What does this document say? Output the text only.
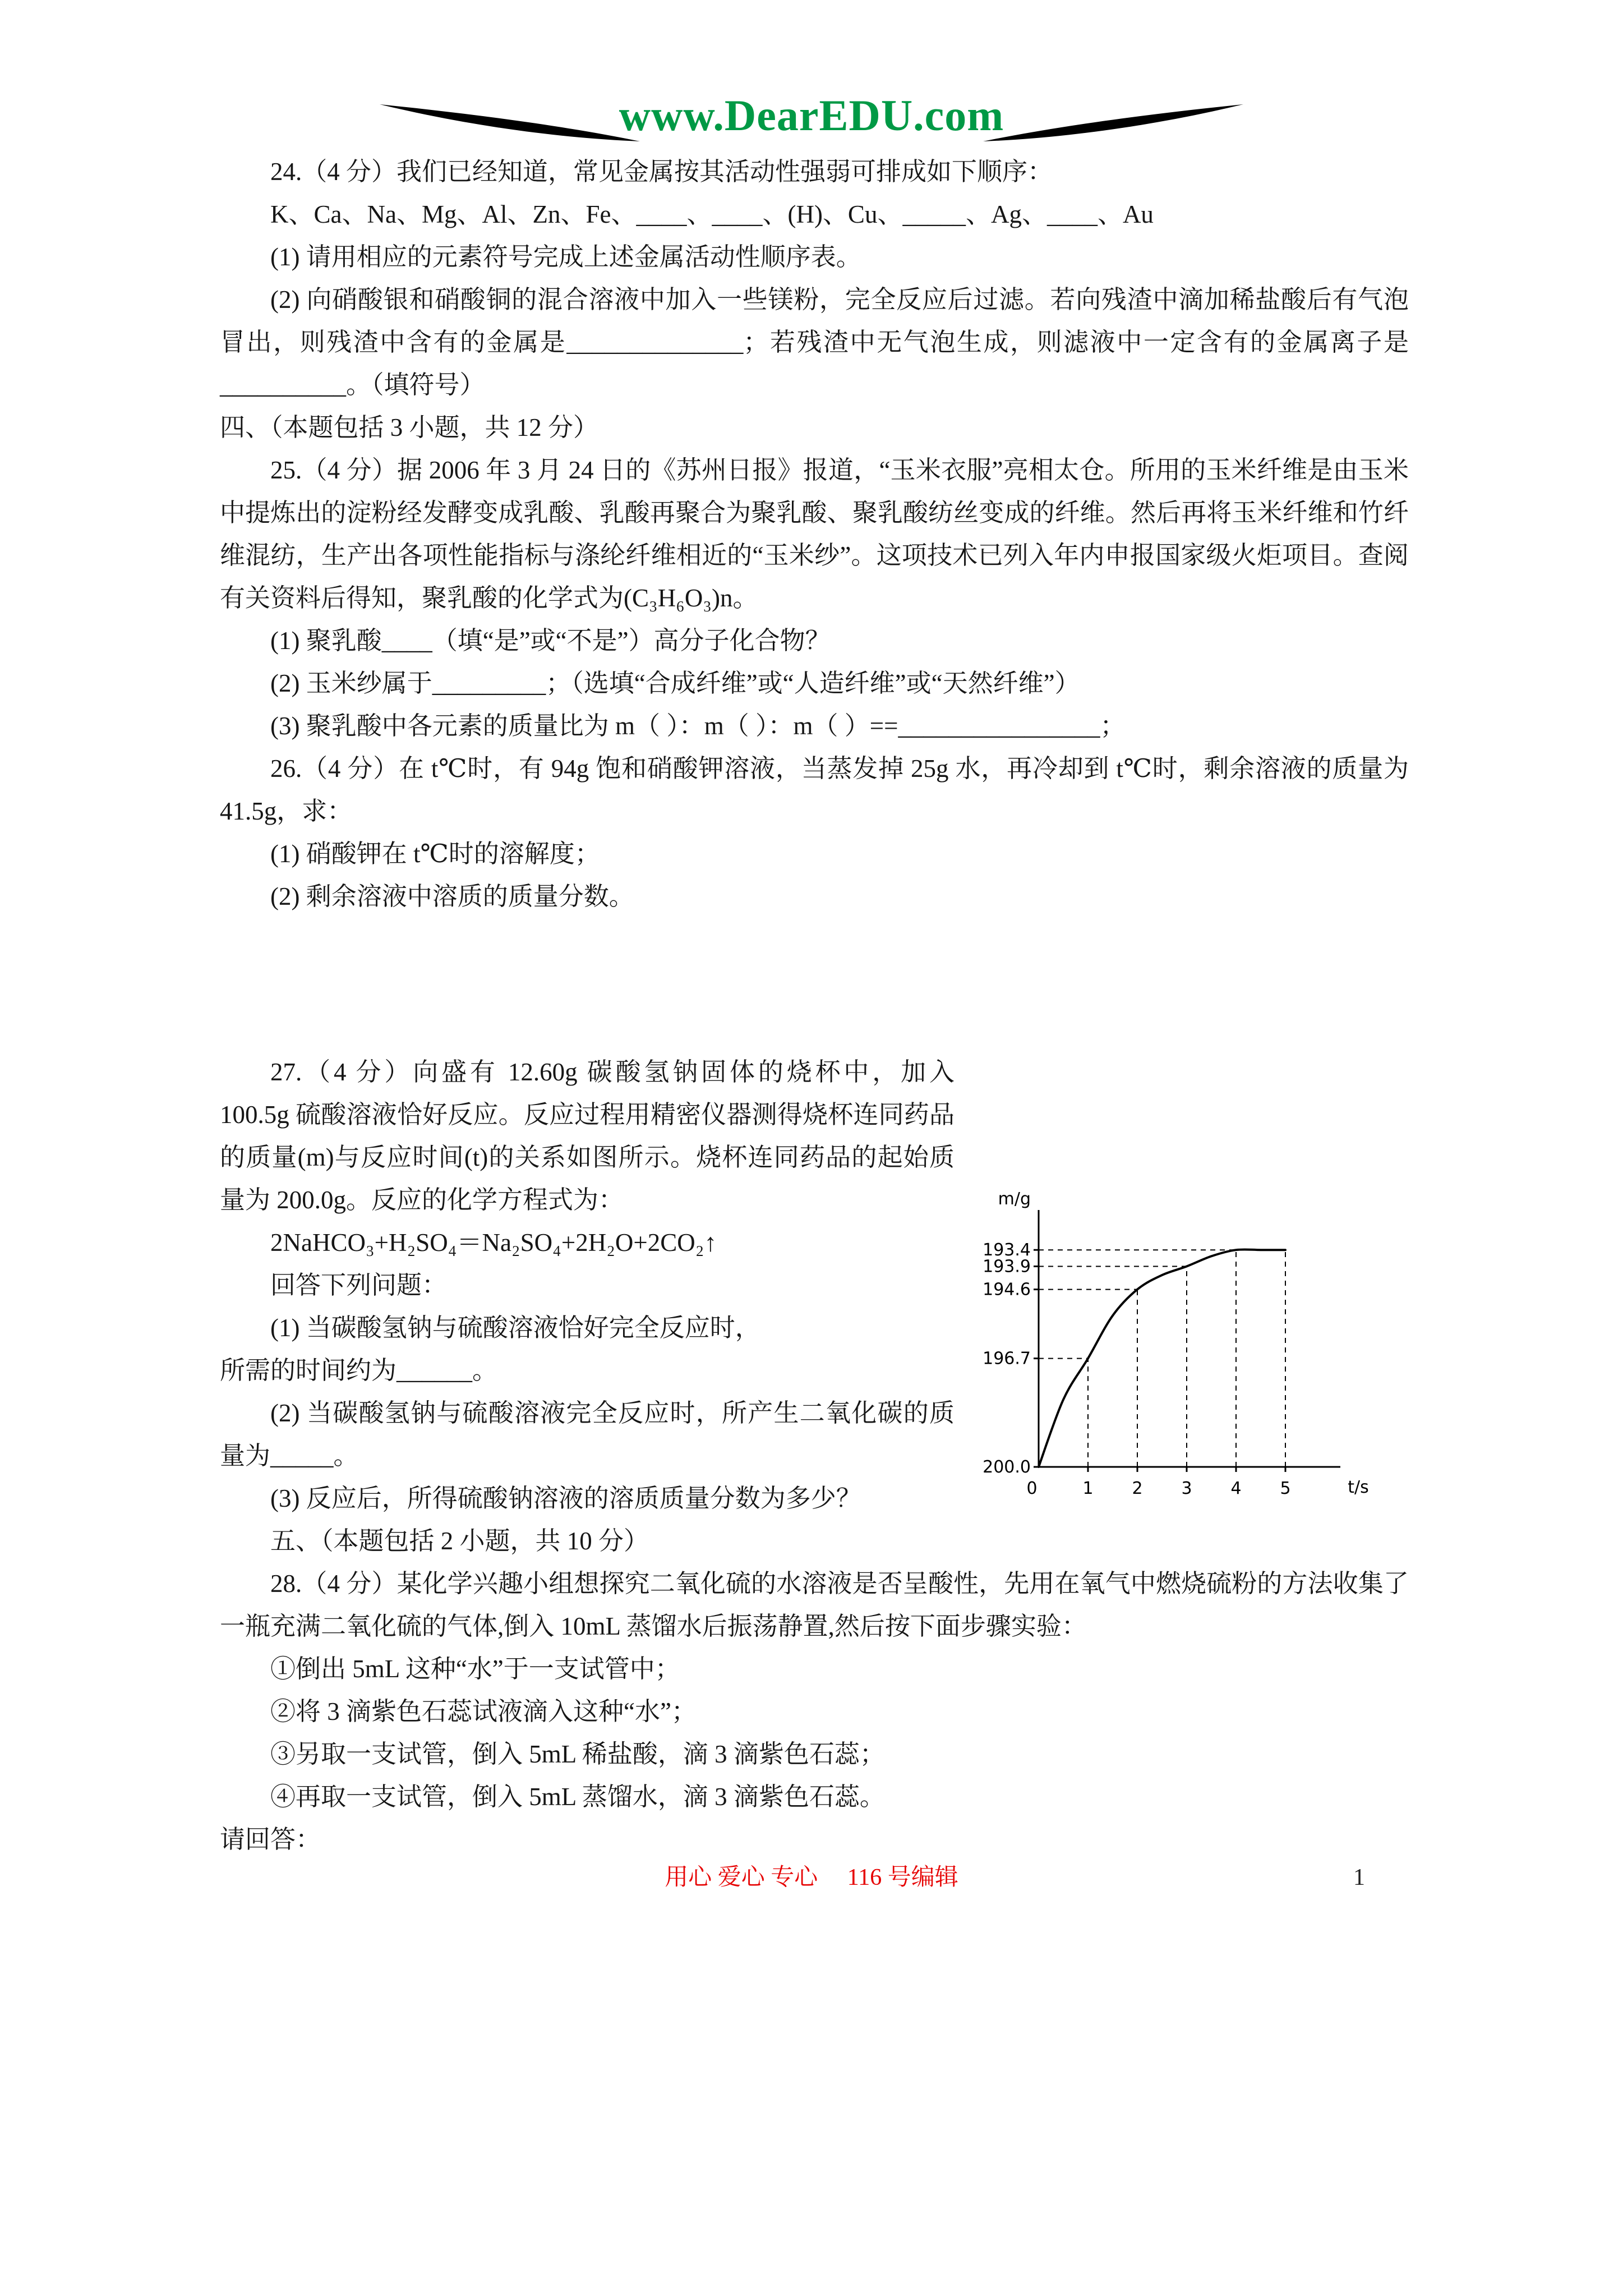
www.DearEDU.com

24.（4 分）我们已经知道，常见金属按其活动性强弱可排成如下顺序：

K、Ca、Na、Mg、Al、Zn、Fe、____、____、(H)、Cu、_____、Ag、____、Au

(1) 请用相应的元素符号完成上述金属活动性顺序表。

(2) 向硝酸银和硝酸铜的混合溶液中加入一些镁粉，完全反应后过滤。若向残渣中滴加稀盐酸后有气泡冒出，则残渣中含有的金属是______________；若残渣中无气泡生成，则滤液中一定含有的金属离子是__________。（填符号）

四、（本题包括 3 小题，共 12 分）

25.（4 分）据 2006 年 3 月 24 日的《苏州日报》报道，“玉米衣服”亮相太仓。所用的玉米纤维是由玉米中提炼出的淀粉经发酵变成乳酸、乳酸再聚合为聚乳酸、聚乳酸纺丝变成的纤维。然后再将玉米纤维和竹纤维混纺，生产出各项性能指标与涤纶纤维相近的“玉米纱”。这项技术已列入年内申报国家级火炬项目。查阅有关资料后得知，聚乳酸的化学式为(C₃H₆O₃)n。

(1) 聚乳酸____（填“是”或“不是”）高分子化合物？

(2) 玉米纱属于_________；（选填“合成纤维”或“人造纤维”或“天然纤维”）

(3) 聚乳酸中各元素的质量比为 m（ ）：m（ ）：m（ ）==________________；

26.（4 分）在 t℃时，有 94g 饱和硝酸钾溶液，当蒸发掉 25g 水，再冷却到 t℃时，剩余溶液的质量为 41.5g，求：

(1) 硝酸钾在 t℃时的溶解度；

(2) 剩余溶液中溶质的质量分数。

m/g
t/s
1 2 3 4 5
0
193.4
193.9
194.6
196.7
200.0

27.（4 分）向盛有 12.60g 碳酸氢钠固体的烧杯中，加入 100.5g 硫酸溶液恰好反应。反应过程用精密仪器测得烧杯连同药品的质量(m)与反应时间(t)的关系如图所示。烧杯连同药品的起始质量为 200.0g。反应的化学方程式为：

2NaHCO₃+H₂SO₄＝Na₂SO₄+2H₂O+2CO₂↑

回答下列问题：

(1) 当碳酸氢钠与硫酸溶液恰好完全反应时，

所需的时间约为______。

(2) 当碳酸氢钠与硫酸溶液完全反应时，所产生二氧化碳的质量为_____。

(3) 反应后，所得硫酸钠溶液的溶质质量分数为多少？

五、（本题包括 2 小题，共 10 分）

28.（4 分）某化学兴趣小组想探究二氧化硫的水溶液是否呈酸性，先用在氧气中燃烧硫粉的方法收集了一瓶充满二氧化硫的气体,倒入 10mL 蒸馏水后振荡静置,然后按下面步骤实验：

①倒出 5mL 这种“水”于一支试管中；

②将 3 滴紫色石蕊试液滴入这种“水”；

③另取一支试管，倒入 5mL 稀盐酸，滴 3 滴紫色石蕊；

④再取一支试管，倒入 5mL 蒸馏水，滴 3 滴紫色石蕊。

请回答：

用心 爱心 专心 116 号编辑	1
